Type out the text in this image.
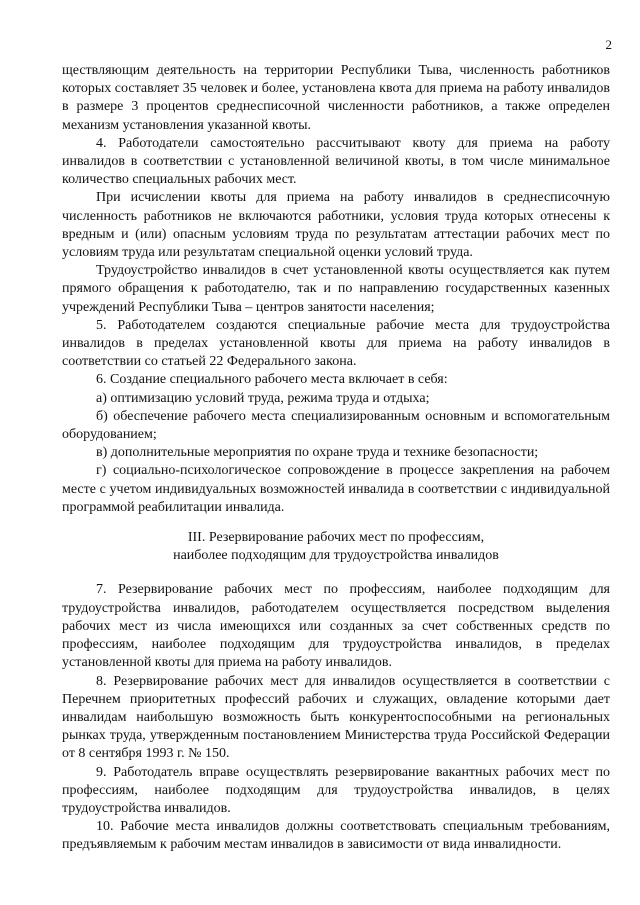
2

ществляющим деятельность на территории Республики Тыва, численность работников которых составляет 35 человек и более, установлена квота для приема на работу инвалидов в размере 3 процентов среднесписочной численности работников, а также определен механизм установления указанной квоты.

4. Работодатели самостоятельно рассчитывают квоту для приема на работу инвалидов в соответствии с установленной величиной квоты, в том числе минимальное количество специальных рабочих мест.

При исчислении квоты для приема на работу инвалидов в среднесписочную численность работников не включаются работники, условия труда которых отнесены к вредным и (или) опасным условиям труда по результатам аттестации рабочих мест по условиям труда или результатам специальной оценки условий труда.

Трудоустройство инвалидов в счет установленной квоты осуществляется как путем прямого обращения к работодателю, так и по направлению государственных казенных учреждений Республики Тыва – центров занятости населения;

5. Работодателем создаются специальные рабочие места для трудоустройства инвалидов в пределах установленной квоты для приема на работу инвалидов в соответствии со статьей 22 Федерального закона.

6. Создание специального рабочего места включает в себя:

а) оптимизацию условий труда, режима труда и отдыха;

б) обеспечение рабочего места специализированным основным и вспомогательным оборудованием;

в) дополнительные мероприятия по охране труда и технике безопасности;

г) социально-психологическое сопровождение в процессе закрепления на рабочем месте с учетом индивидуальных возможностей инвалида в соответствии с индивидуальной программой реабилитации инвалида.

III. Резервирование рабочих мест по профессиям,
наиболее подходящим для трудоустройства инвалидов

7. Резервирование рабочих мест по профессиям, наиболее подходящим для трудоустройства инвалидов, работодателем осуществляется посредством выделения рабочих мест из числа имеющихся или созданных за счет собственных средств по профессиям, наиболее подходящим для трудоустройства инвалидов, в пределах установленной квоты для приема на работу инвалидов.

8. Резервирование рабочих мест для инвалидов осуществляется в соответствии с Перечнем приоритетных профессий рабочих и служащих, овладение которыми дает инвалидам наибольшую возможность быть конкурентоспособными на региональных рынках труда, утвержденным постановлением Министерства труда Российской Федерации от 8 сентября 1993 г. № 150.

9. Работодатель вправе осуществлять резервирование вакантных рабочих мест по профессиям, наиболее подходящим для трудоустройства инвалидов, в целях трудоустройства инвалидов.

10. Рабочие места инвалидов должны соответствовать специальным требованиям, предъявляемым к рабочим местам инвалидов в зависимости от вида инвалидности.
